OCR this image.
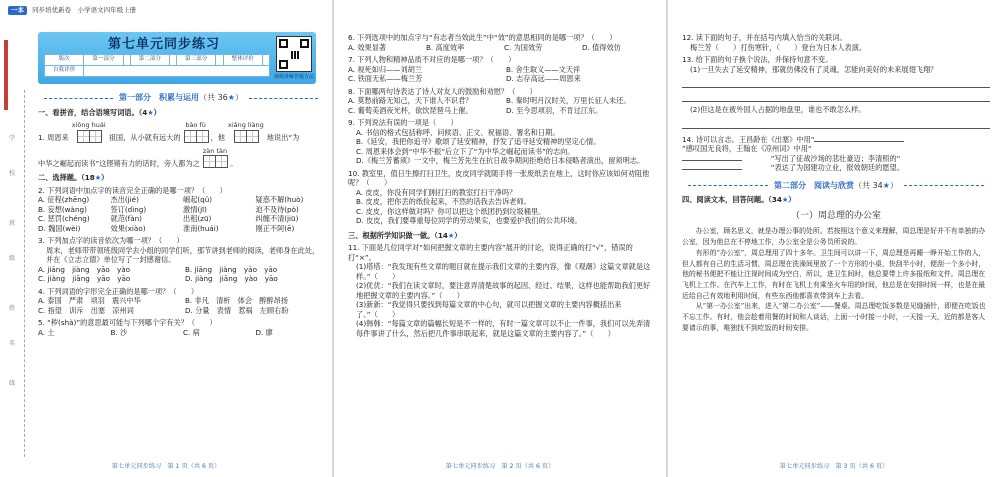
一本 同步培优新卷　小学语文四年级上册
第七单元同步练习
版次	第一部分		第二部分		第三部分		整体评价	
自我评价								
视频讲解答题方法
学
校
班
级
姓
名
线
第一部分　积累与运用 （共 36 ★ ）
一、看拼音，结合语境写词语。（4★）
1. 周恩来
xiōng huái
祖国，从小就有远大的
bào fù
，他
xiǎng liàng
地说出“为
中华之崛起而读书”这铿锵有力的话时，旁人都为之
zàn tàn
。
二、选择题。（18★）
2. 下列词语中加点字的读音完全正确的是哪一项？（　　）
A. 征程(zhēng)	杰出(jié)	崛起(qǔ)	疑惑不解(huò)
B. 妄想(wàng)	签订(dìng)	激情(jī)	迫不及待(pò)
C. 惩罚(chéng)	就范(fàn)	出租(zū)	纠缠不清(jiū)
D. 魏国(wèi)	效果(xiào)	准南(huái)	刚正不阿(ē)
3. 下列加点字的读音依次为哪一项？（　　）
周末，老师带带领班级同学去小组的同学们听，那节讲到老师的阅读，老师身在此处，并在《立志立德》单位写了一封感谢信。
A. jiāng　jiàng　yāo　yào	B. jiāng　jiàng　yāo　yāo
C. jiàng　jiāng　yāo　yāo	D. jiàng　jiāng　yào　yāo
4. 下列词语的字形完全正确的是哪一项？（　　）
A. 泰国　严肃　项羽　震兴中华	B. 非凡　清析　体会　醉醉昂扬
C. 指望　训斥　出塞　凉州词	D. 分量　表情　惹祸　左顾右盼
5. “秽(shà)”的意思最可能与下列哪个字有关？（　　）
A. 土	B. 沙	C. 病	D. 廖
第七单元同步练习　第 1 页（共 6 页）
6. 下列选项中的加点字与“有志者当效此生”中“效”的意思相同的是哪一项？（　　）
A. 效果显著	B. 高度效率	C. 为国效劳	D. 值得效仿
7. 下列人物和精神品质不对应的是哪一项？（　　）
A. 视死如归——刘胡兰	B. 舍生取义——文天祥
C. 铁面无私——梅兰芳	D. 志存高远——周恩来
8. 下面哪两句诗表达了诗人对友人的鼓励和劝慰？（　　）
A. 莫愁前路无知己，天下谁人不识君？	B. 秦时明月汉时关，万里长征人未还。
C. 葡萄美酒夜光杯，欲饮琵琶马上催。	D. 至今思项羽，不肯过江东。
9. 下列说法有误的一项是（　　）
A. 书信的格式包括称呼、问候语、正文、祝福语、署名和日期。
B.《延安，我把你追寻》歌颂了延安精神，抒发了追寻延安精神的坚定心情。
C. 周恩来体会到“中华不振”后立下了“为中华之崛起而读书”的志向。
D.《梅兰芳蓄须》一文中，梅兰芳先生在抗日战争期间拒绝给日本侵略者演出，留须明志。
10. 教室里，值日生擦打扫卫生，皮皮同学就随手将一张废纸丢在地上，这时你应该如何劝阻他呢？（　　）
A. 皮皮，你没有同学们刚打扫的教室打扫干净吗？
B. 皮皮，把你丢的纸捡起来，不然的话我去告诉老师。
C. 皮皮，你这样做对吗？你可以把这个纸团扔到垃圾桶里。
D. 皮皮，我们要尊重每位同学的劳动果实，也要爱护我们的公共环境。
三、根据所学知识做一做。（14★）
11. 下面是几位同学对“如何把握文章的主要内容”展开的讨论，说得正确的打“√”，错误的打“×”。
(1)塔塔：“我发现有些文章的题目就在提示我们文章的主要内容，像《观潮》这篇文章就是这样。”（　　）
(2)优优：“我们在读文章时，要注意弄清楚故事的起因、经过、结果，这样也能帮助我们更好地把握文章的主要内容。”（　　）
(3)新新：“我觉得只要找到每篇文章的中心句，就可以把握文章的主要内容概括出来了。”（　　）
(4)韩韩：“每篇文章的篇幅长短是不一样的，有时一篇文章可以不止一件事，我们可以先弄清每件事讲了什么，然后把几件事串联起来，就是这篇文章的主要内容了。”（　　）
第七单元同步练习　第 2 页（共 6 页）
12. 读下面的句子，并在括号内填入恰当的关联词。
梅兰芳（　　）打伤寒针，（　　）登台为日本人表演。
13. 给下面的句子换个说法，并保持句意不变。
(1)一旦失去了延安精神，那就仿佛没有了灵魂，怎能向美好的未来展翅飞翔？
(2)但这是在被外国人占据的地盘里，谁也不敢怎么样。
14. 诗可以言志。王昌龄在《出塞》中用“
”感叹国无良将，王翰在《凉州词》中用“
　　　　”写出了征战沙场的悲壮豪迈；李清照的“
　　　　”表达了为国建功立业，报效朝廷的愿望。
第二部分　阅读与欣赏 （共 34 ★ ）
四、阅读文本，回答问题。（34★）
（一）周总理的办公室
办公室，顾名思义，就是办理公事的处所。若按照这个意义来理解，周总理是好并不有单独的办公室，因为他总在不停地工作，办公室全是公务员所说的。
有形的“办公室”，周总理用了四十多年。卫生间可以讲一下，周总理是再睡一睁开始工作的人，但人都有自己的生活习惯，周总理在洗澡间里放了一个方形的小桌，快刮半小时，便刮一个多小时，他的秘书便把不能让注视时间成为空白，所以，进卫生间时，他总要带上许多报纸和文件。周总理在飞机上工作、在汽车上工作，有时在飞机上有乘坐火车用的时间，他总是在安排时间一样，也是在最近给自己有效地利用时间，有些东西他都喜欢带到车上去看。
从“第一办公室”出来，进入“第二办公室”——餐桌。周总理吃饭多数是见缝插针，即便在吃饭也不忘工作。有时，他会趁着用餐的时间和人谈话，上面一小时接一小时，一天接一天，近的都是客人要请示的事，唯独找不到吃饭的时间安排。
第七单元同步练习　第 3 页（共 6 页）
